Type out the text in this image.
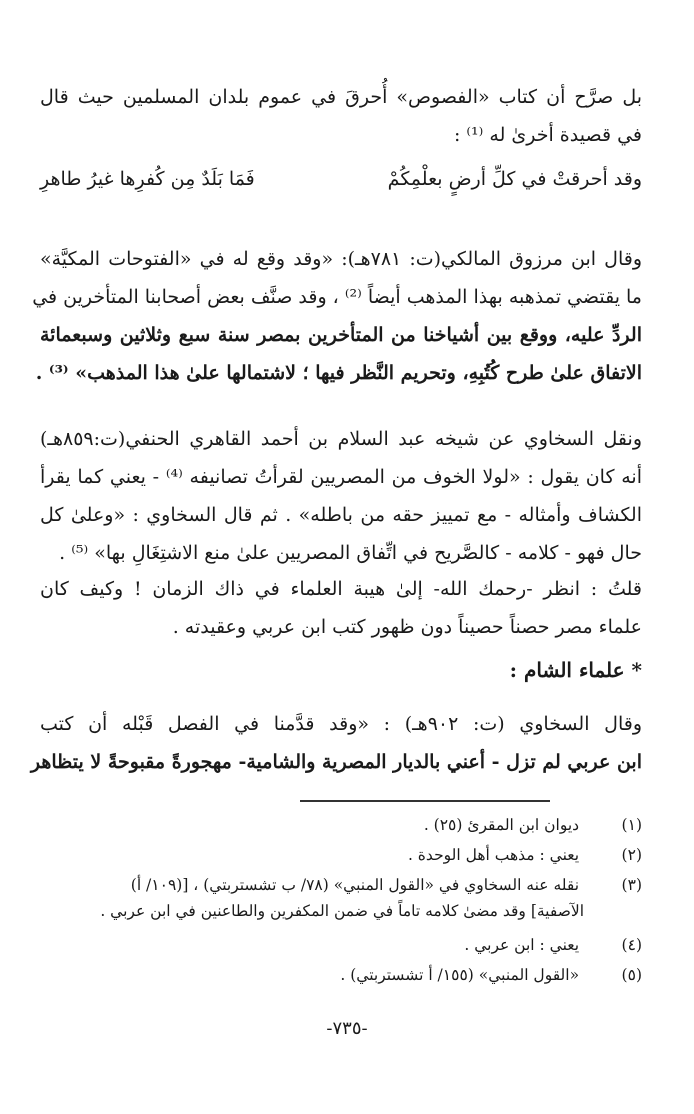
بل صرَّح أن كتاب «الفصوص» أُحرقَ في عموم بلدان المسلمين حيث قال
في قصيدة أخرىٰ له ⁽¹⁾ :
وقد أحرقتْ في كلِّ أرضٍ بعلْمِكُمْ
فَمَا بَلَدٌ مِن كُفرِها غيرُ طاهرِ
وقال ابن مرزوق المالكي(ت: ٧٨١هـ): «وقد وقع له في «الفتوحات المكيَّة»
ما يقتضي تمذهبه بهذا المذهب أيضاً ⁽²⁾ ، وقد صنَّف بعض أصحابنا المتأخرين في
الردِّ عليه، ووقع بين أشياخنا من المتأخرين بمصر سنة سبع وثلاثين وسبعمائة
الاتفاق علىٰ طرح كُتُبِهِ، وتحريم النَّظر فيها ؛ لاشتمالها علىٰ هذا المذهب» ⁽³⁾ .
ونقل السخاوي عن شيخه عبد السلام بن أحمد القاهري الحنفي(ت:٨٥٩هـ)
أنه كان يقول : «لولا الخوف من المصريين لقرأتُ تصانيفه ⁽⁴⁾ - يعني كما يقرأ
الكشاف وأمثاله - مع تمييز حقه من باطله» . ثم قال السخاوي : «وعلىٰ كل
حال فهو - كلامه - كالصَّريح في اتِّفاق المصريين علىٰ منع الاشتِغَالِ بها» ⁽⁵⁾ .
قلتُ : انظر -رحمك الله- إلىٰ هيبة العلماء في ذاك الزمان ! وكيف كان
علماء مصر حصناً حصيناً دون ظهور كتب ابن عربي وعقيدته .
* علماء الشام :
وقال السخاوي (ت: ٩٠٢هـ) : «وقد قدَّمنا في الفصل قَبْله أن كتب
ابن عربي لم تزل - أعني بالديار المصرية والشامية- مهجورةً مقبوحةً لا يتظاهر
(١) ديوان ابن المقرئ (٢٥) .
(٢) يعني : مذهب أهل الوحدة .
(٣) نقله عنه السخاوي في «القول المنبي» (٧٨/ ب تشستربتي) ، [(١٠٩/ أ)
الآصفية] وقد مضىٰ كلامه تاماً في ضمن المكفرين والطاعنين في ابن عربي .
(٤) يعني : ابن عربي .
(٥) «القول المنبي» (١٥٥/ أ تشستربتي) .
-٧٣٥-
